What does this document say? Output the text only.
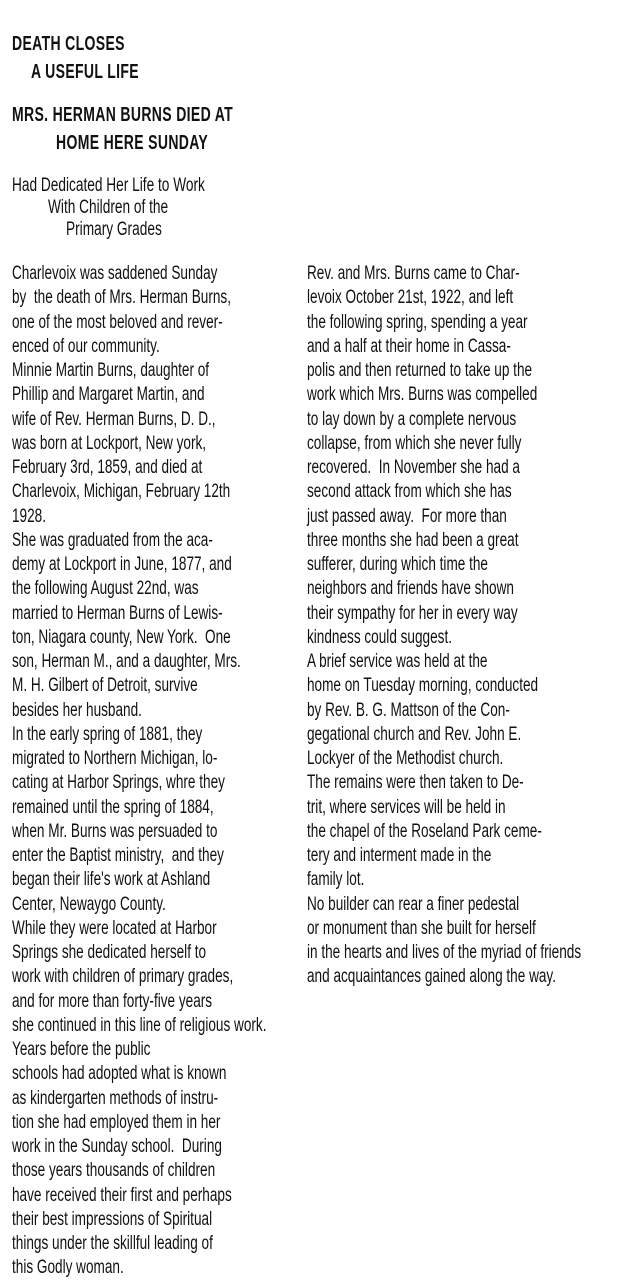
DEATH CLOSES
A USEFUL LIFE
MRS. HERMAN BURNS DIED AT
HOME HERE SUNDAY
Had Dedicated Her Life to Work
With Children of the
Primary Grades
Charlevoix was saddened Sunday
by  the death of Mrs. Herman Burns,
one of the most beloved and rever-
enced of our community.
Minnie Martin Burns, daughter of
Phillip and Margaret Martin, and
wife of Rev. Herman Burns, D. D.,
was born at Lockport, New york,
February 3rd, 1859, and died at
Charlevoix, Michigan, February 12th
1928.
She was graduated from the aca-
demy at Lockport in June, 1877, and
the following August 22nd, was
married to Herman Burns of Lewis-
ton, Niagara county, New York.  One
son, Herman M., and a daughter, Mrs.
M. H. Gilbert of Detroit, survive
besides her husband.
In the early spring of 1881, they
migrated to Northern Michigan, lo-
cating at Harbor Springs, whre they
remained until the spring of 1884,
when Mr. Burns was persuaded to
enter the Baptist ministry,  and they
began their life's work at Ashland
Center, Newaygo County.
While they were located at Harbor
Springs she dedicated herself to
work with children of primary grades,
and for more than forty-five years
she continued in this line of religious work.
Years before the public
schools had adopted what is known
as kindergarten methods of instru-
tion she had employed them in her
work in the Sunday school.  During
those years thousands of children
have received their first and perhaps
their best impressions of Spiritual
things under the skillful leading of
this Godly woman.
Rev. and Mrs. Burns came to Char-
levoix October 21st, 1922, and left
the following spring, spending a year
and a half at their home in Cassa-
polis and then returned to take up the
work which Mrs. Burns was compelled
to lay down by a complete nervous
collapse, from which she never fully
recovered.  In November she had a
second attack from which she has
just passed away.  For more than
three months she had been a great
sufferer, during which time the
neighbors and friends have shown
their sympathy for her in every way
kindness could suggest.
A brief service was held at the
home on Tuesday morning, conducted
by Rev. B. G. Mattson of the Con-
gegational church and Rev. John E.
Lockyer of the Methodist church.
The remains were then taken to De-
trit, where services will be held in
the chapel of the Roseland Park ceme-
tery and interment made in the
family lot.
No builder can rear a finer pedestal
or monument than she built for herself
in the hearts and lives of the myriad of friends
and acquaintances gained along the way.
